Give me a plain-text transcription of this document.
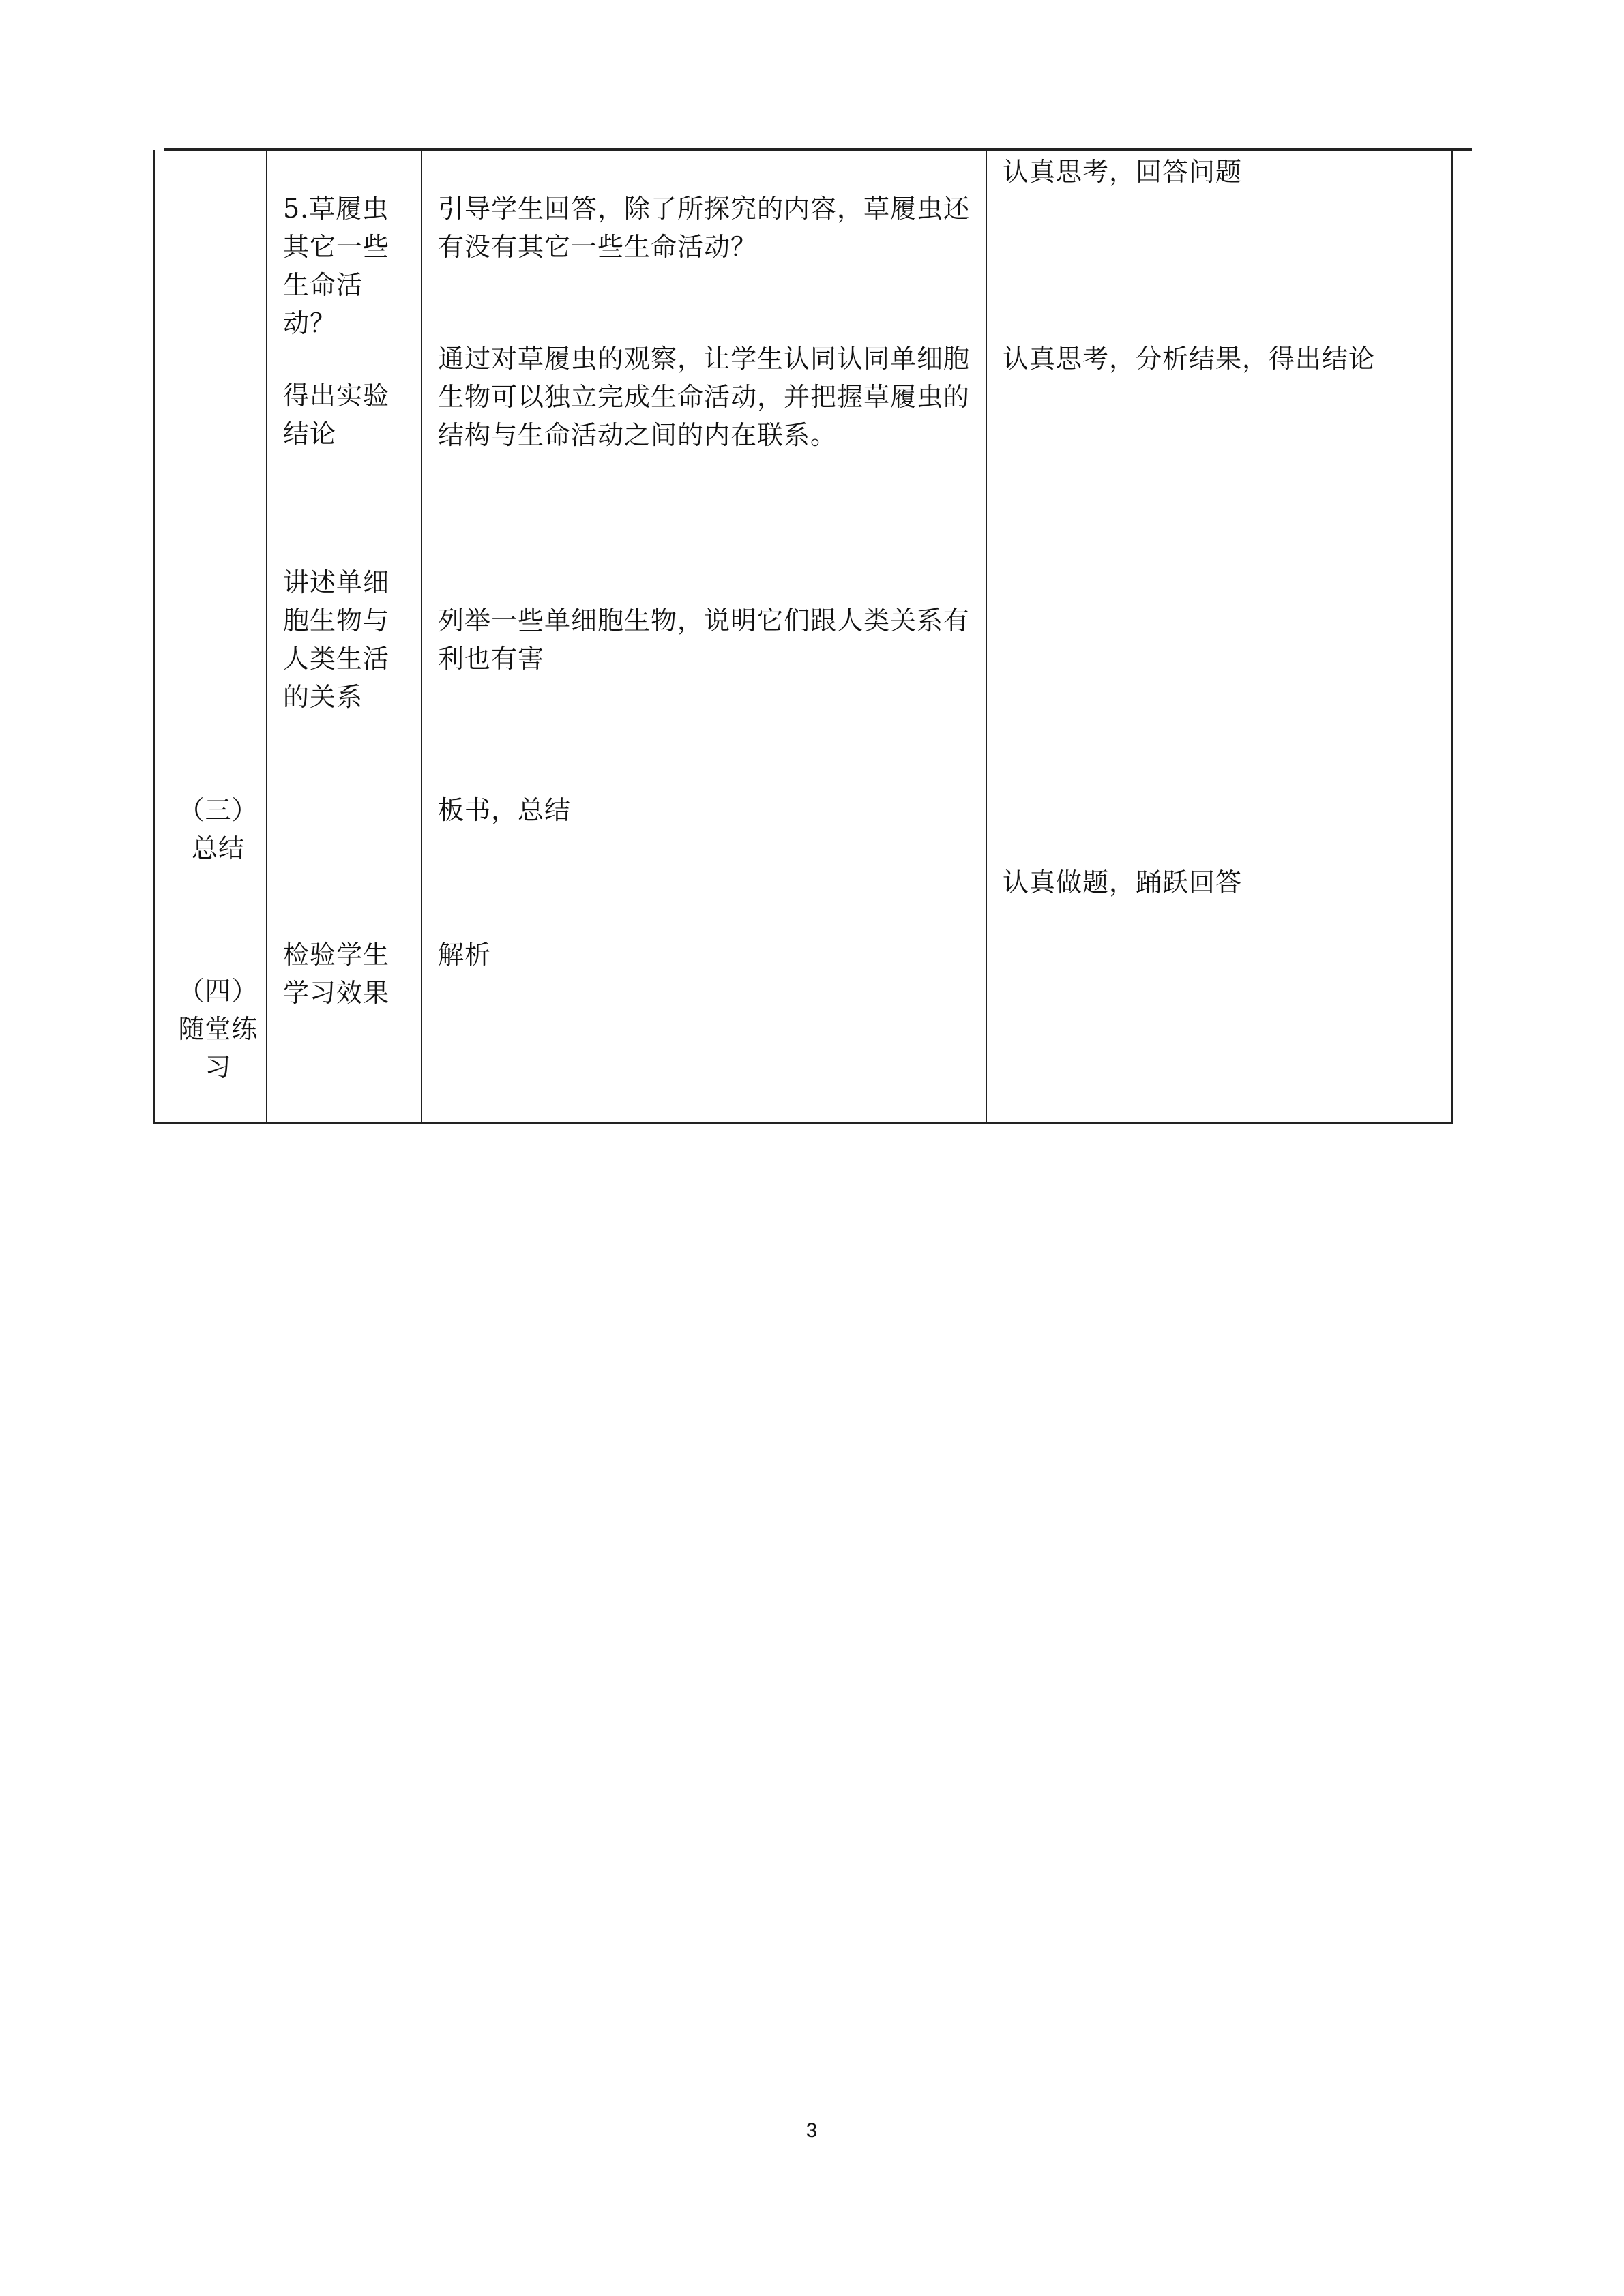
（三）总结
（四）随堂练习
5.草履虫其它一些生命活动？
得出实验结论
讲述单细胞生物与人类生活的关系
检验学生学习效果
引导学生回答，除了所探究的内容，草履虫还有没有其它一些生命活动？
通过对草履虫的观察，让学生认同认同单细胞生物可以独立完成生命活动，并把握草履虫的结构与生命活动之间的内在联系。
列举一些单细胞生物，说明它们跟人类关系有利也有害
板书，总结
解析
认真思考，回答问题
认真思考，分析结果，得出结论
认真做题，踊跃回答
3
